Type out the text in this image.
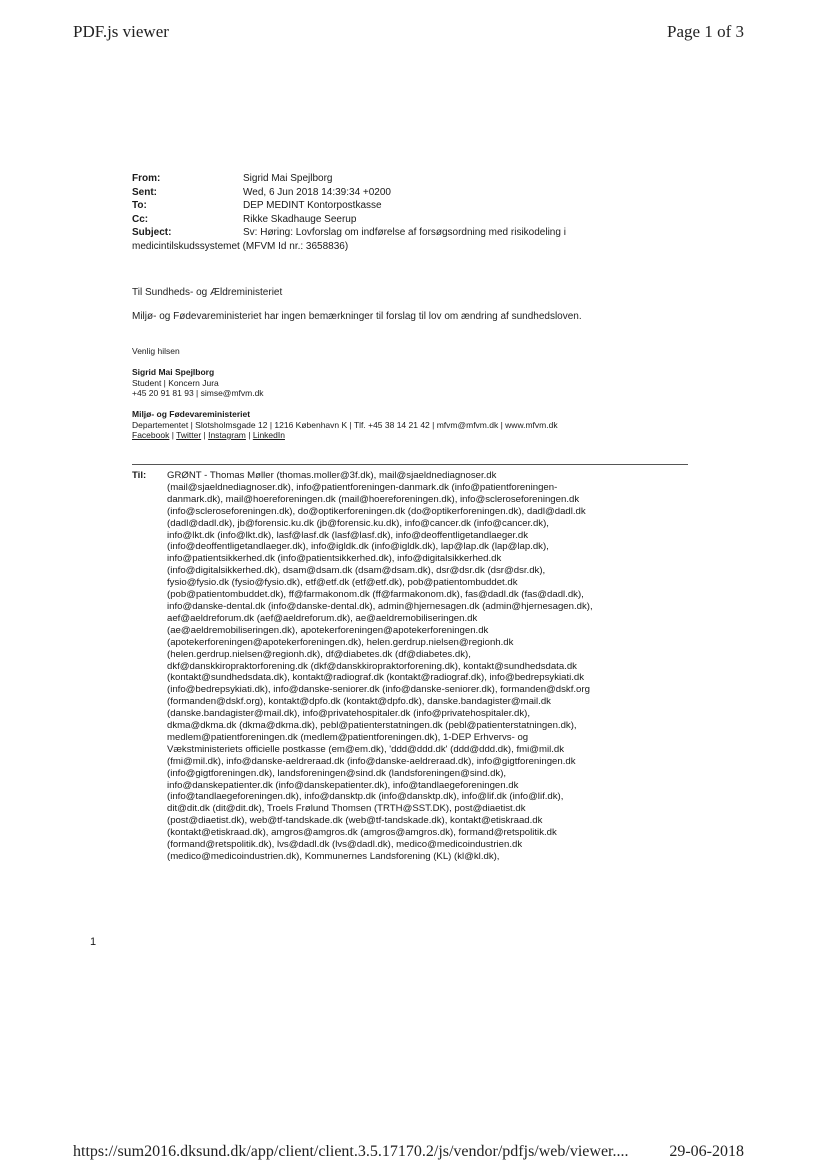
PDF.js viewer	Page 1 of 3
From:	Sigrid Mai Spejlborg
Sent:	Wed, 6 Jun 2018 14:39:34 +0200
To:	DEP MEDINT Kontorpostkasse
Cc:	Rikke Skadhauge Seerup
Subject:	Sv: Høring: Lovforslag om indførelse af forsøgsordning med risikodeling i
medicintilskudssystemet (MFVM Id nr.: 3658836)
Til Sundheds- og Ældreministeriet
Miljø- og Fødevareministeriet har ingen bemærkninger til forslag til lov om ændring af sundhedsloven.
Venlig hilsen
Sigrid Mai Spejlborg
Student | Koncern Jura
+45 20 91 81 93 | simse@mfvm.dk
Miljø- og Fødevareministeriet
Departementet | Slotsholmsgade 12 | 1216 København K | Tlf. +45 38 14 21 42 | mfvm@mfvm.dk | www.mfvm.dk
Facebook | Twitter | Instagram | LinkedIn
Til: GRØNT - Thomas Møller (thomas.moller@3f.dk), mail@sjaeldnediagnoser.dk
(mail@sjaeldnediagnoser.dk), info@patientforeningen-danmark.dk (info@patientforeningen-
danmark.dk), mail@hoereforeningen.dk (mail@hoereforeningen.dk), info@scleroseforeningen.dk
(info@scleroseforeningen.dk), do@optikerforeningen.dk (do@optikerforeningen.dk), dadl@dadl.dk
(dadl@dadl.dk), jb@forensic.ku.dk (jb@forensic.ku.dk), info@cancer.dk (info@cancer.dk),
info@lkt.dk (info@lkt.dk), lasf@lasf.dk (lasf@lasf.dk), info@deoffentligetandlaeger.dk
(info@deoffentligetandlaeger.dk), info@igldk.dk (info@igldk.dk), lap@lap.dk (lap@lap.dk),
info@patientsikkerhed.dk (info@patientsikkerhed.dk), info@digitalsikkerhed.dk
(info@digitalsikkerhed.dk), dsam@dsam.dk (dsam@dsam.dk), dsr@dsr.dk (dsr@dsr.dk),
fysio@fysio.dk (fysio@fysio.dk), etf@etf.dk (etf@etf.dk), pob@patientombuddet.dk
(pob@patientombuddet.dk), ff@farmakonom.dk (ff@farmakonom.dk), fas@dadl.dk (fas@dadl.dk),
info@danske-dental.dk (info@danske-dental.dk), admin@hjernesagen.dk (admin@hjernesagen.dk),
aef@aeldreforum.dk (aef@aeldreforum.dk), ae@aeldremobiliseringen.dk
(ae@aeldremobiliseringen.dk), apotekerforeningen@apotekerforeningen.dk
(apotekerforeningen@apotekerforeningen.dk), helen.gerdrup.nielsen@regionh.dk
(helen.gerdrup.nielsen@regionh.dk), df@diabetes.dk (df@diabetes.dk),
dkf@danskkiropraktorforening.dk (dkf@danskkiropraktorforening.dk), kontakt@sundhedsdata.dk
(kontakt@sundhedsdata.dk), kontakt@radiograf.dk (kontakt@radiograf.dk), info@bedrepsykiati.dk
(info@bedrepsykiati.dk), info@danske-seniorer.dk (info@danske-seniorer.dk), formanden@dskf.org
(formanden@dskf.org), kontakt@dpfo.dk (kontakt@dpfo.dk), danske.bandagister@mail.dk
(danske.bandagister@mail.dk), info@privatehospitaler.dk (info@privatehospitaler.dk),
dkma@dkma.dk (dkma@dkma.dk), pebl@patienterstatningen.dk (pebl@patienterstatningen.dk),
medlem@patientforeningen.dk (medlem@patientforeningen.dk), 1-DEP Erhvervs- og
Vækstministeriets officielle postkasse (em@em.dk), 'ddd@ddd.dk' (ddd@ddd.dk), fmi@mil.dk
(fmi@mil.dk), info@danske-aeldreraad.dk (info@danske-aeldreraad.dk), info@gigtforeningen.dk
(info@gigtforeningen.dk), landsforeningen@sind.dk (landsforeningen@sind.dk),
info@danskepatienter.dk (info@danskepatienter.dk), info@tandlaegeforeningen.dk
(info@tandlaegeforeningen.dk), info@dansktp.dk (info@dansktp.dk), info@lif.dk (info@lif.dk),
dit@dit.dk (dit@dit.dk), Troels Frølund Thomsen (TRTH@SST.DK), post@diaetist.dk
(post@diaetist.dk), web@tf-tandskade.dk (web@tf-tandskade.dk), kontakt@etiskraad.dk
(kontakt@etiskraad.dk), amgros@amgros.dk (amgros@amgros.dk), formand@retspolitik.dk
(formand@retspolitik.dk), lvs@dadl.dk (lvs@dadl.dk), medico@medicoindustrien.dk
(medico@medicoindustrien.dk), Kommunernes Landsforening (KL) (kl@kl.dk),
1
https://sum2016.dksund.dk/app/client/client.3.5.17170.2/js/vendor/pdfjs/web/viewer....	29-06-2018
